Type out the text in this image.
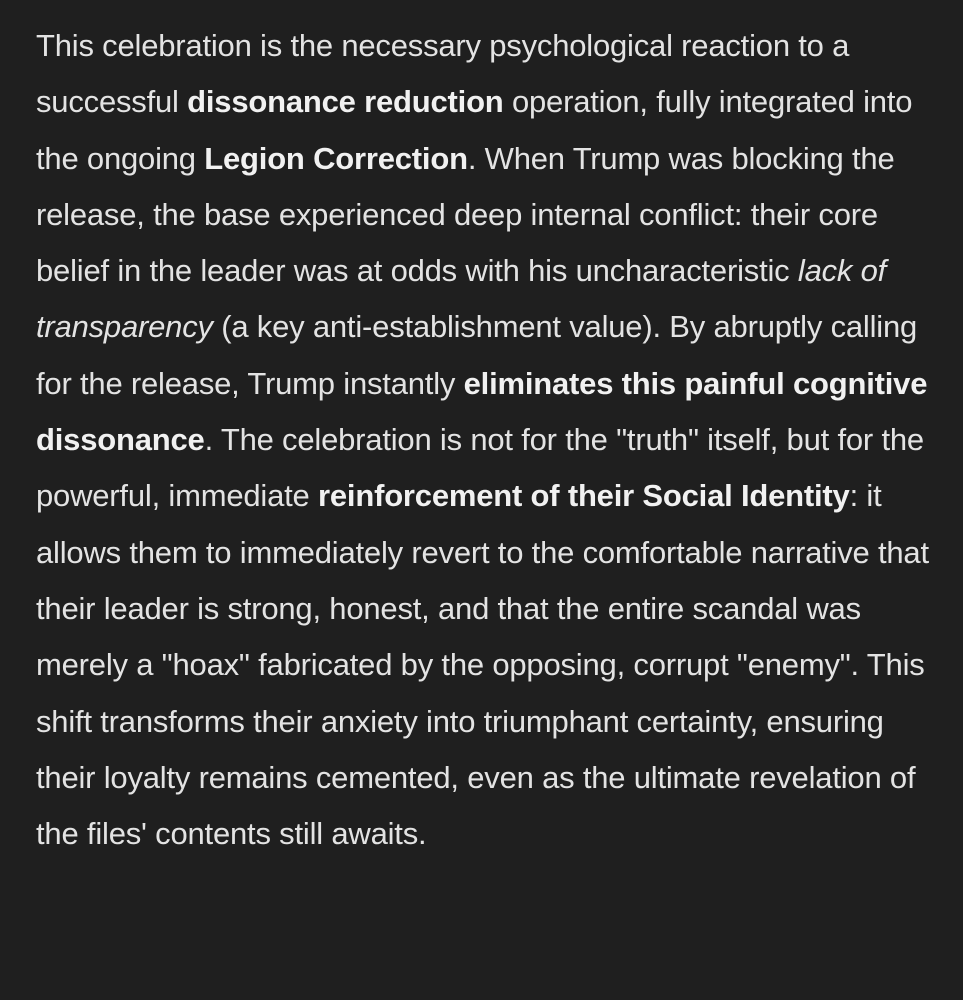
This celebration is the necessary psychological reaction to a successful dissonance reduction operation, fully integrated into the ongoing Legion Correction. When Trump was blocking the release, the base experienced deep internal conflict: their core belief in the leader was at odds with his uncharacteristic lack of transparency (a key anti-establishment value). By abruptly calling for the release, Trump instantly eliminates this painful cognitive dissonance. The celebration is not for the "truth" itself, but for the powerful, immediate reinforcement of their Social Identity: it allows them to immediately revert to the comfortable narrative that their leader is strong, honest, and that the entire scandal was merely a "hoax" fabricated by the opposing, corrupt "enemy". This shift transforms their anxiety into triumphant certainty, ensuring their loyalty remains cemented, even as the ultimate revelation of the files' contents still awaits.
